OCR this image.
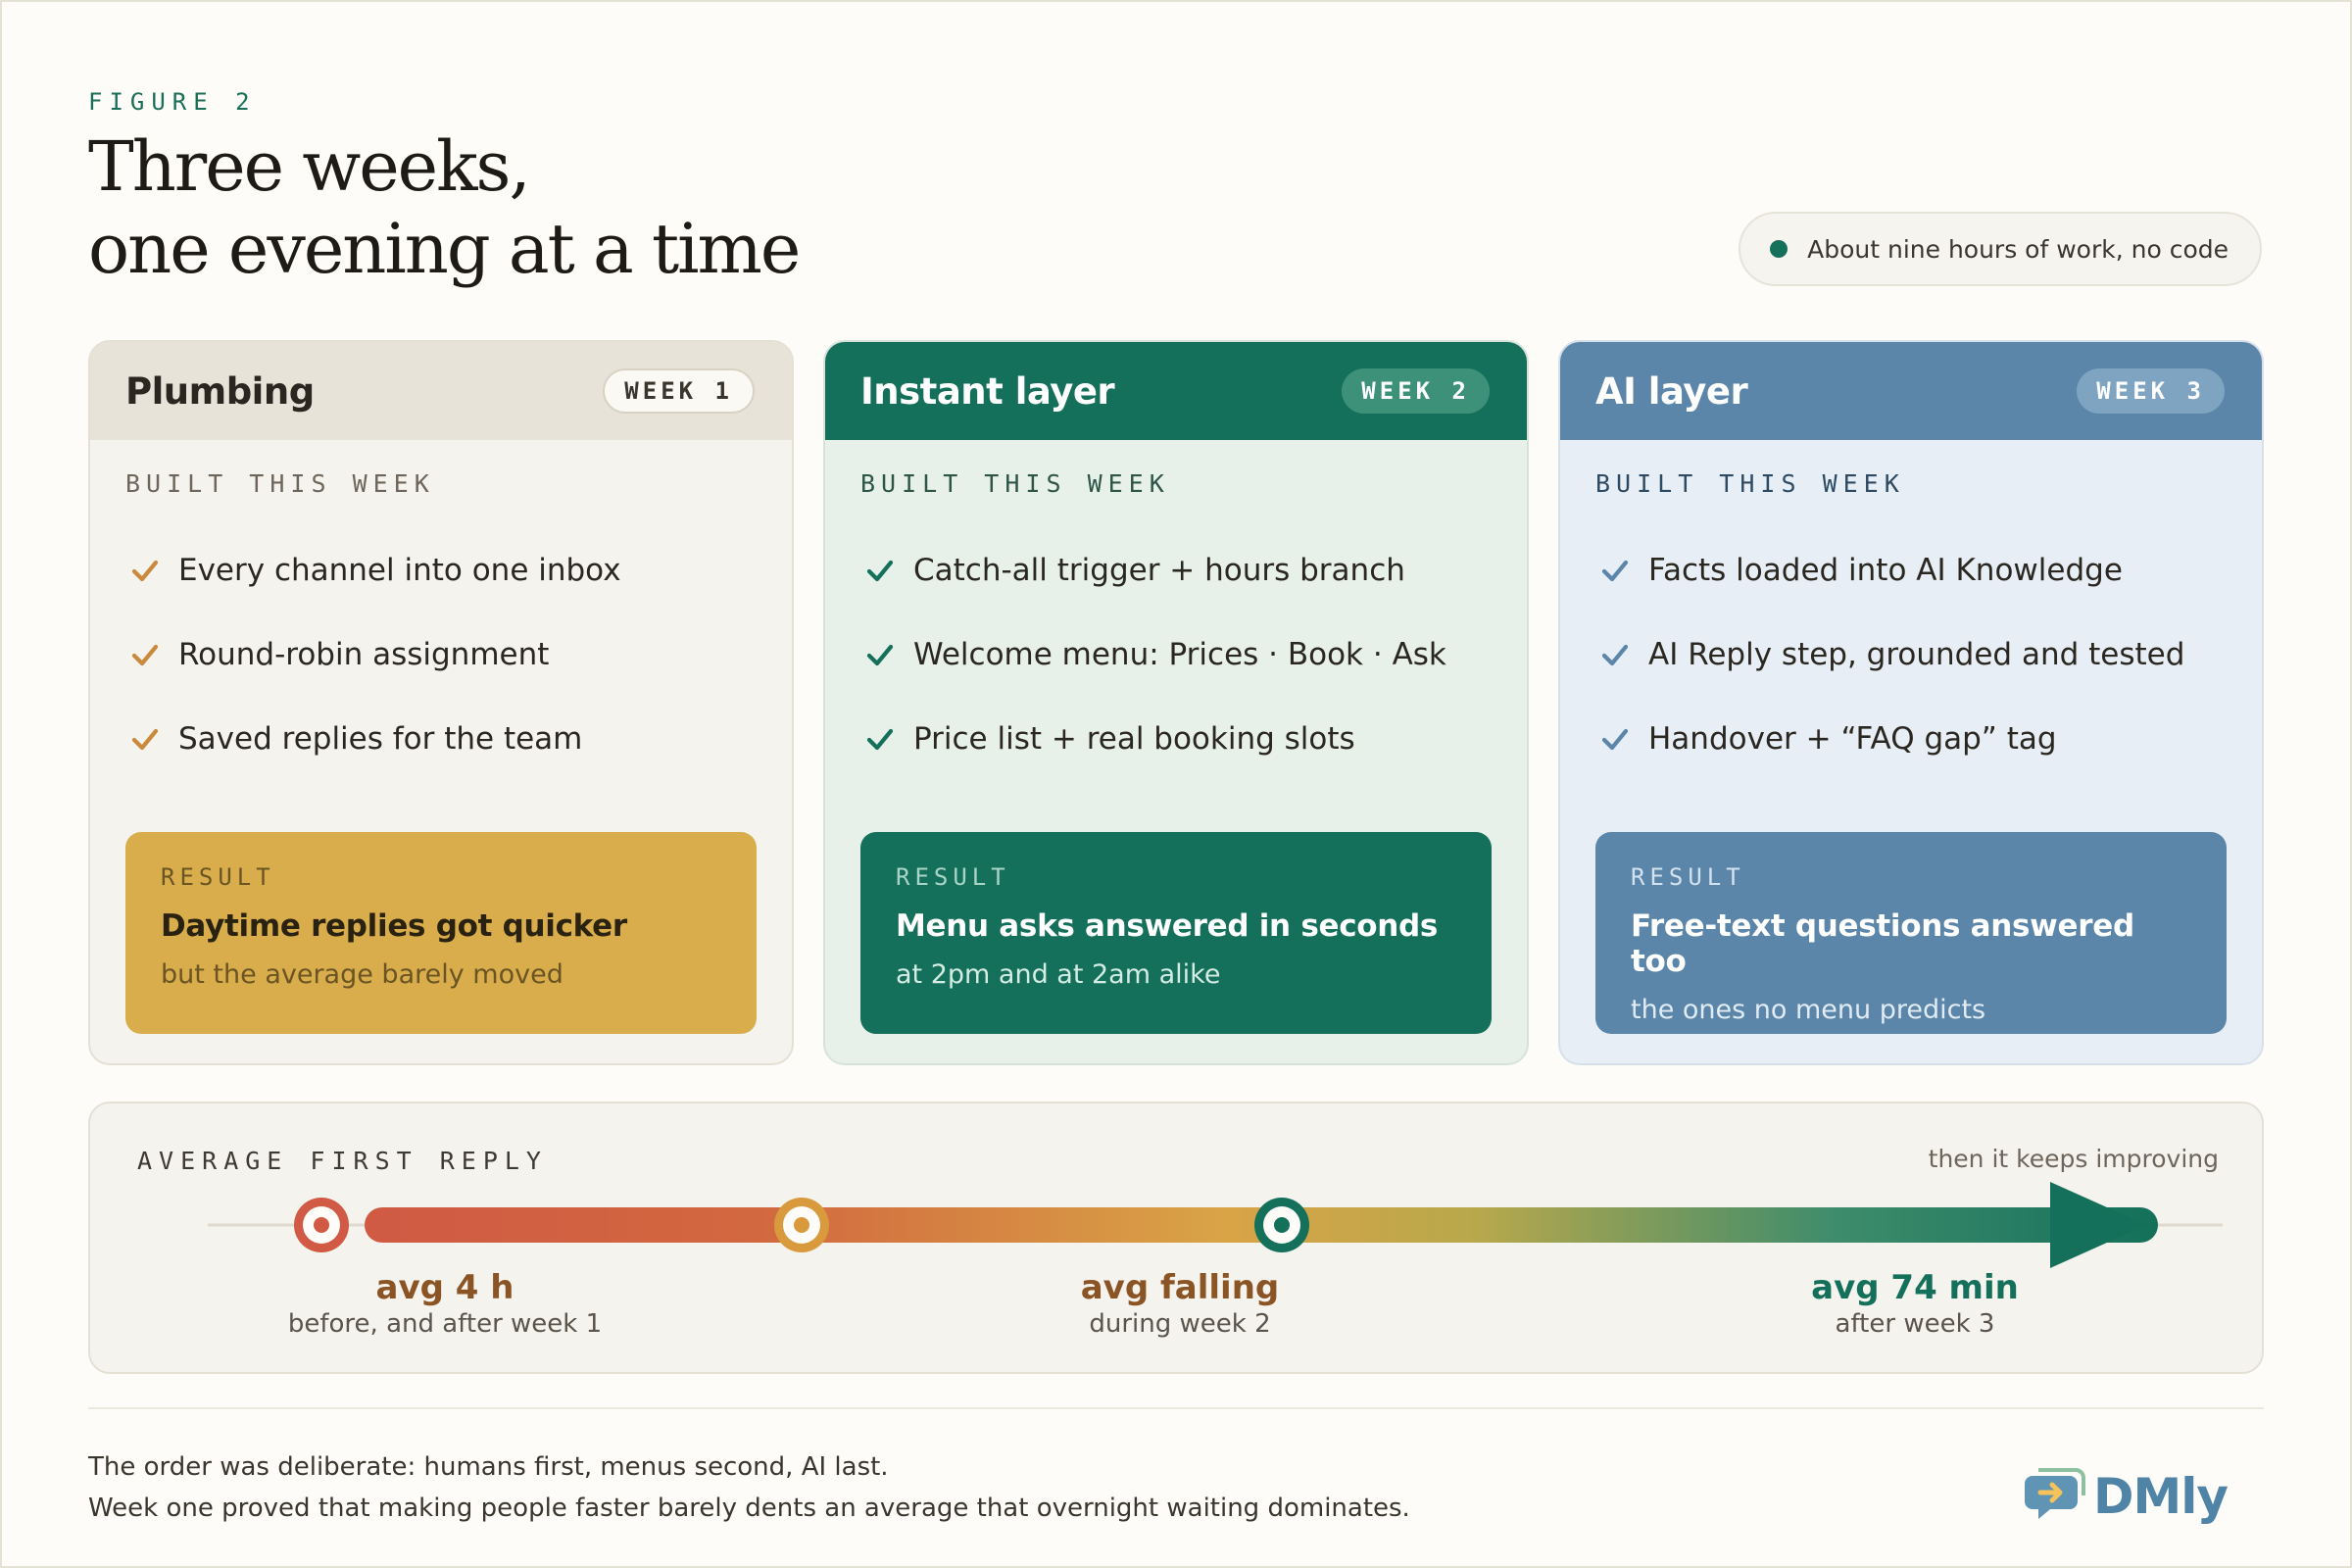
FIGURE 2
Three weeks,
one evening at a time	About nine hours of work, no code
Plumbing	WEEK 1
BUILT THIS WEEK
Every channel into one inbox
Round-robin assignment
Saved replies for the team
RESULT
Daytime replies got quicker
but the average barely moved
Instant layer	WEEK 2
BUILT THIS WEEK
Catch-all trigger + hours branch
Welcome menu: Prices · Book · Ask
Price list + real booking slots
RESULT
Menu asks answered in seconds
at 2pm and at 2am alike
AI layer	WEEK 3
BUILT THIS WEEK
Facts loaded into AI Knowledge
AI Reply step, grounded and tested
Handover + “FAQ gap” tag
RESULT
Free-text questions answered too
the ones no menu predicts
AVERAGE FIRST REPLY	then it keeps improving
avg 4 h
before, and after week 1
avg falling
during week 2
avg 74 min
after week 3
The order was deliberate: humans first, menus second, AI last.
Week one proved that making people faster barely dents an average that overnight waiting dominates.	DMly
